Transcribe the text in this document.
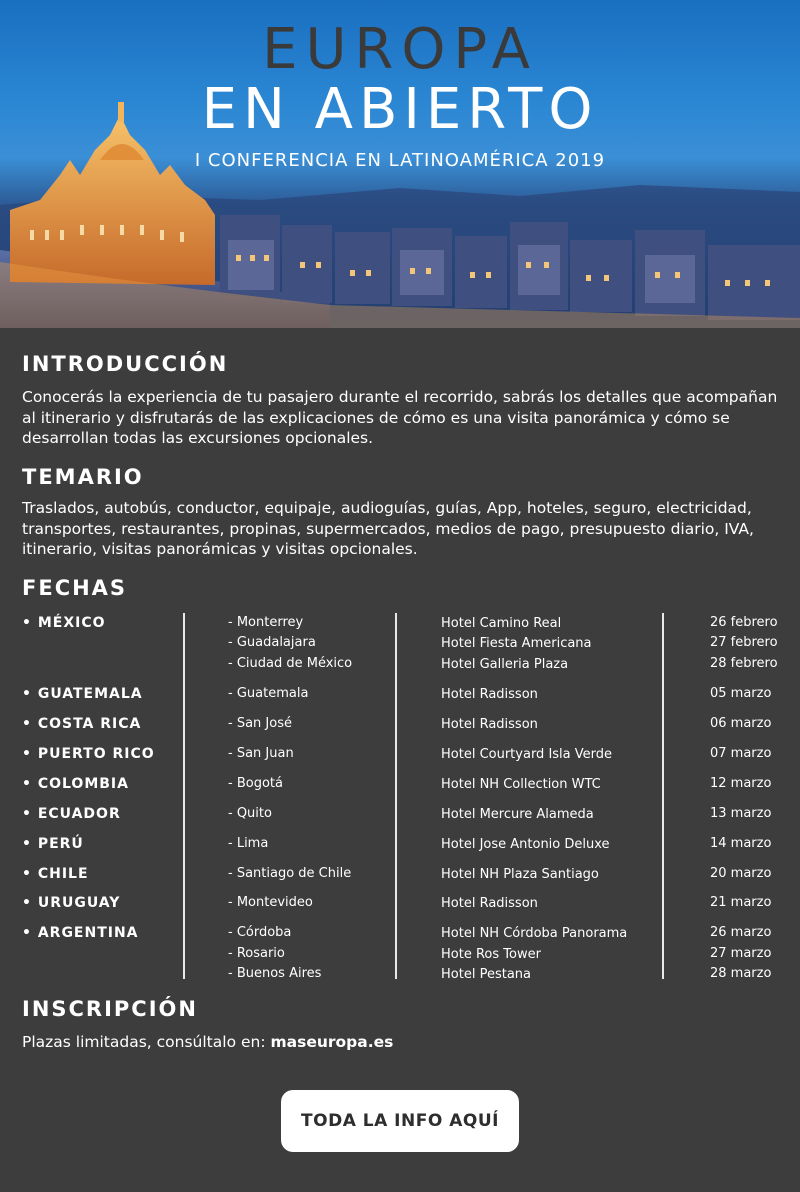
EUROPA
EN ABIERTO
I CONFERENCIA EN LATINOAMÉRICA 2019
INTRODUCCIÓN
Conocerás la experiencia de tu pasajero durante el recorrido, sabrás los detalles que acompañan al itinerario y disfrutarás de las explicaciones de cómo es una visita panorámica y cómo se desarrollan todas las excursiones opcionales.
TEMARIO
Traslados, autobús, conductor, equipaje, audioguías, guías, App, hoteles, seguro, electricidad, transportes, restaurantes, propinas, supermercados, medios de pago, presupuesto diario, IVA, itinerario, visitas panorámicas y visitas opcionales.
FECHAS
• MÉXICO	- Monterrey	Hotel Camino Real	26 febrero
- Guadalajara	Hotel Fiesta Americana	27 febrero
- Ciudad de México	Hotel Galleria Plaza	28 febrero
• GUATEMALA	- Guatemala	Hotel Radisson	05 marzo
• COSTA RICA	- San José	Hotel Radisson	06 marzo
• PUERTO RICO	- San Juan	Hotel Courtyard Isla Verde	07 marzo
• COLOMBIA	- Bogotá	Hotel NH Collection WTC	12 marzo
• ECUADOR	- Quito	Hotel Mercure Alameda	13 marzo
• PERÚ	- Lima	Hotel Jose Antonio Deluxe	14 marzo
• CHILE	- Santiago de Chile	Hotel NH Plaza Santiago	20 marzo
• URUGUAY	- Montevideo	Hotel Radisson	21 marzo
• ARGENTINA	- Córdoba	Hotel NH Córdoba Panorama	26 marzo
- Rosario	Hote Ros Tower	27 marzo
- Buenos Aires	Hotel Pestana	28 marzo
INSCRIPCIÓN
Plazas limitadas, consúltalo en: maseuropa.es
TODA LA INFO AQUÍ
